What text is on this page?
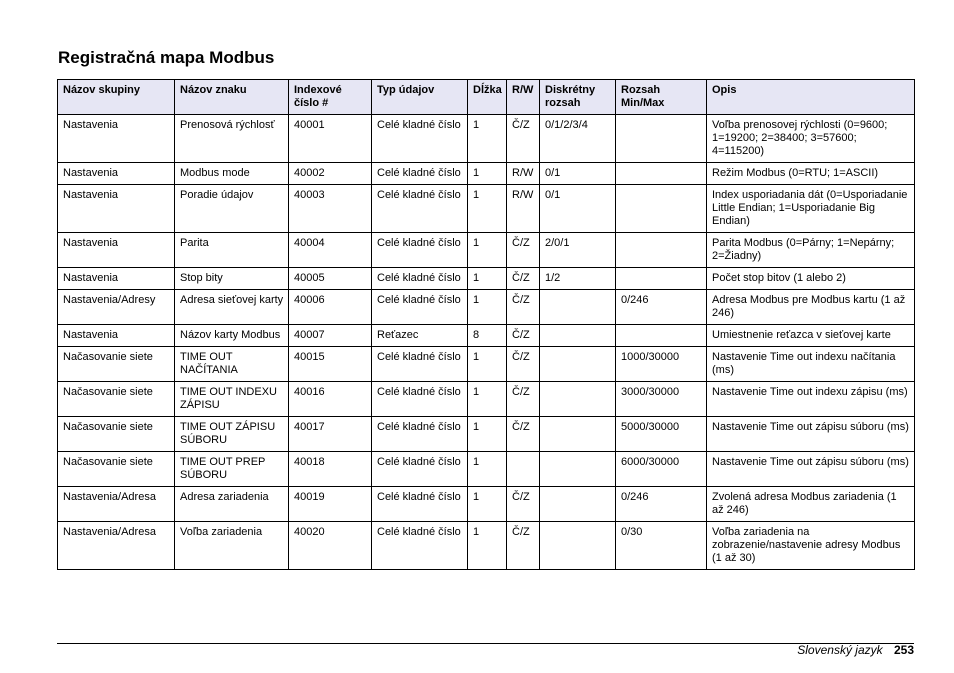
Registračná mapa Modbus
Názov skupiny	Názov znaku	Indexové číslo #	Typ údajov	Dĺžka	R/W	Diskrétny rozsah	Rozsah Min/Max	Opis
Nastavenia	Prenosová rýchlosť	40001	Celé kladné číslo	1	Č/Z	0/1/2/3/4		Voľba prenosovej rýchlosti (0=9600; 1=19200; 2=38400; 3=57600; 4=115200)
Nastavenia	Modbus mode	40002	Celé kladné číslo	1	R/W	0/1		Režim Modbus (0=RTU; 1=ASCII)
Nastavenia	Poradie údajov	40003	Celé kladné číslo	1	R/W	0/1		Index usporiadania dát (0=Usporiadanie Little Endian; 1=Usporiadanie Big Endian)
Nastavenia	Parita	40004	Celé kladné číslo	1	Č/Z	2/0/1		Parita Modbus (0=Párny; 1=Nepárny; 2=Žiadny)
Nastavenia	Stop bity	40005	Celé kladné číslo	1	Č/Z	1/2		Počet stop bitov (1 alebo 2)
Nastavenia/Adresy	Adresa sieťovej karty	40006	Celé kladné číslo	1	Č/Z		0/246	Adresa Modbus pre Modbus kartu (1 až 246)
Nastavenia	Názov karty Modbus	40007	Reťazec	8	Č/Z			Umiestnenie reťazca v sieťovej karte
Načasovanie siete	TIME OUT NAČÍTANIA	40015	Celé kladné číslo	1	Č/Z		1000/30000	Nastavenie Time out indexu načítania (ms)
Načasovanie siete	TIME OUT INDEXU ZÁPISU	40016	Celé kladné číslo	1	Č/Z		3000/30000	Nastavenie Time out indexu zápisu (ms)
Načasovanie siete	TIME OUT ZÁPISU SÚBORU	40017	Celé kladné číslo	1	Č/Z		5000/30000	Nastavenie Time out zápisu súboru (ms)
Načasovanie siete	TIME OUT PREP SÚBORU	40018	Celé kladné číslo	1			6000/30000	Nastavenie Time out zápisu súboru (ms)
Nastavenia/Adresa	Adresa zariadenia	40019	Celé kladné číslo	1	Č/Z		0/246	Zvolená adresa Modbus zariadenia (1 až 246)
Nastavenia/Adresa	Voľba zariadenia	40020	Celé kladné číslo	1	Č/Z		0/30	Voľba zariadenia na zobrazenie/nastavenie adresy Modbus (1 až 30)
Slovenský jazyk 253
